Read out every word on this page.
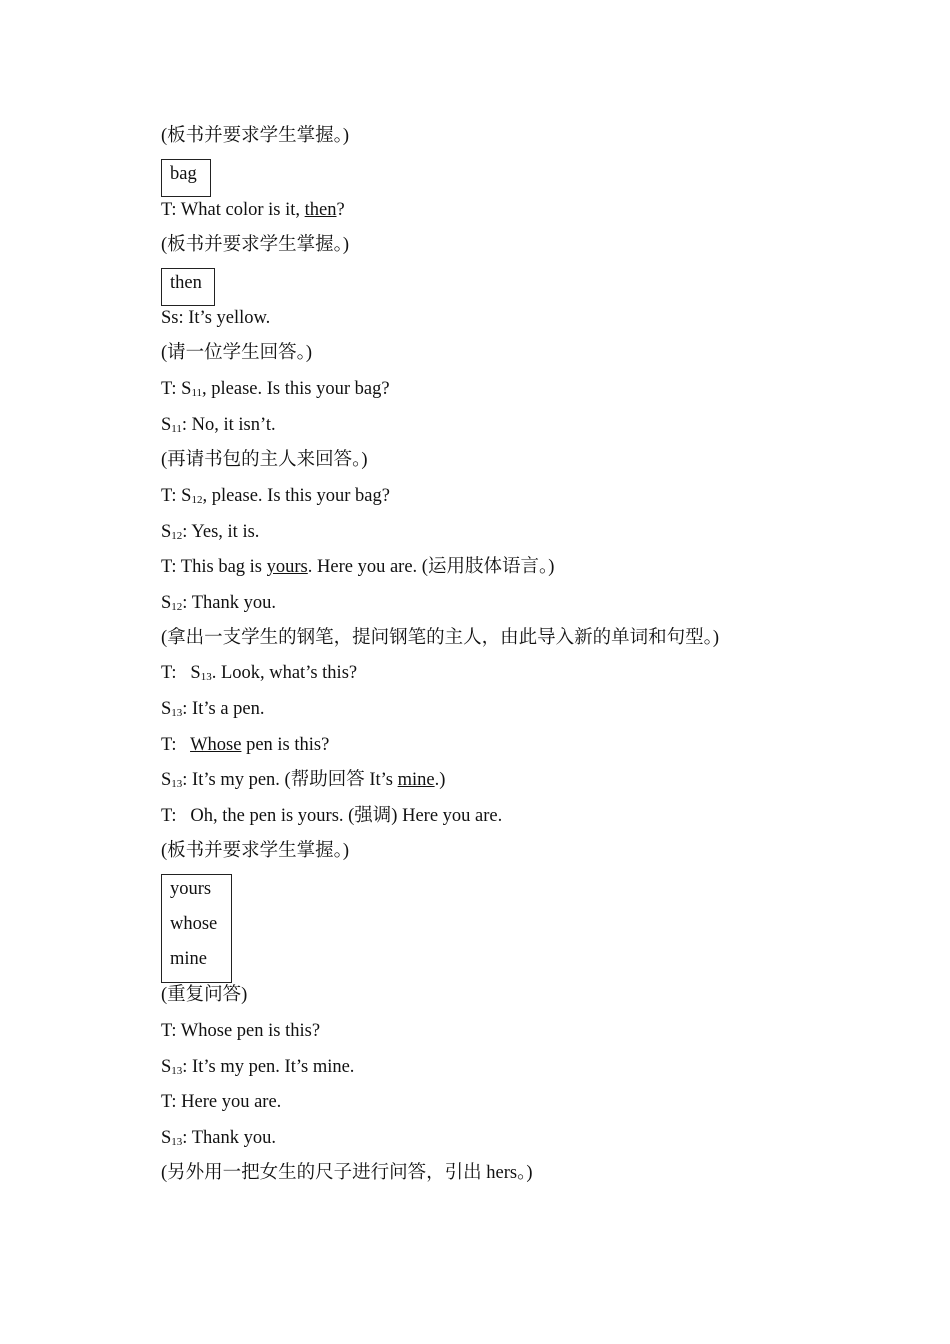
(板书并要求学生掌握。)
bag
T: What color is it, then?
(板书并要求学生掌握。)
then
Ss: It’s yellow.
(请一位学生回答。)
T: $S_{11}$, please. Is this your bag?
$S_{11}$: No, it isn’t.
(再请书包的主人来回答。)
T: $S_{12}$, please. Is this your bag?
$S_{12}$: Yes, it is.
T: This bag is yours. Here you are. (运用肢体语言。)
$S_{12}$: Thank you.
(拿出一支学生的钢笔，提问钢笔的主人，由此导入新的单词和句型。)
T:   $S_{13}$. Look, what’s this?
$S_{13}$: It’s a pen.
T:   Whose pen is this?
$S_{13}$: It’s my pen. (帮助回答 It’s mine.)
T:   Oh, the pen is yours. (强调) Here you are.
(板书并要求学生掌握。)
yours
whose
mine
(重复问答)
T: Whose pen is this?
$S_{13}$: It’s my pen. It’s mine.
T: Here you are.
$S_{13}$: Thank you.
(另外用一把女生的尺子进行问答，引出 hers。)
